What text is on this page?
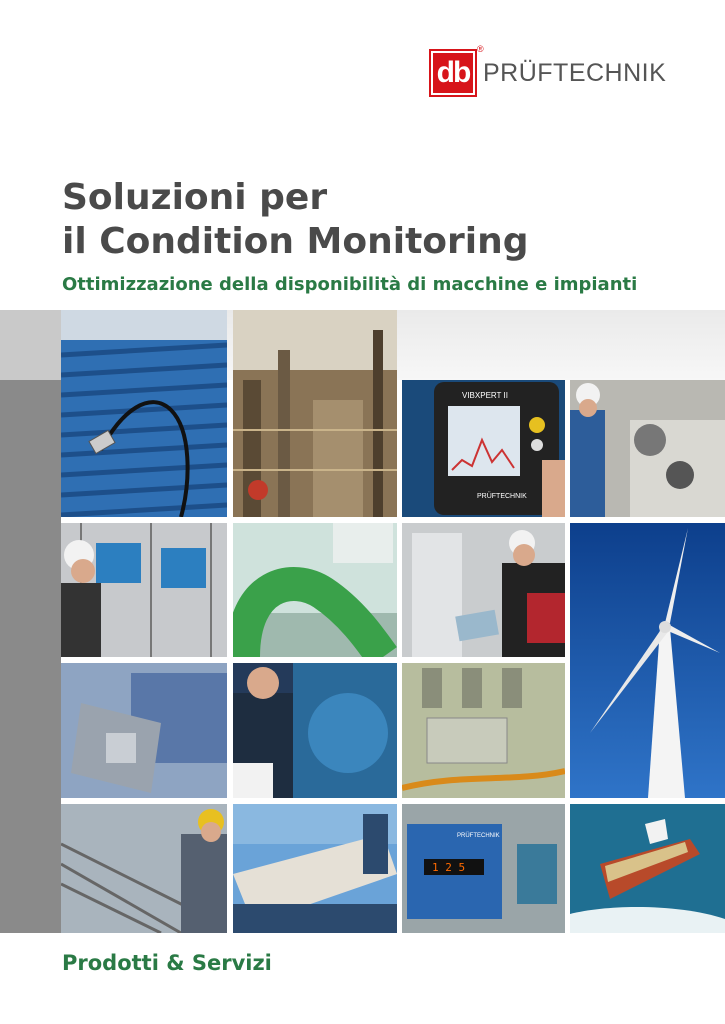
db
®
PRÜFTECHNIK
Soluzioni per
il Condition Monitoring
Ottimizzazione della disponibilità di macchine e impianti
VIBXPERT II
PRÜFTECHNIK
1 2 5
PRÜFTECHNIK
Prodotti & Servizi
